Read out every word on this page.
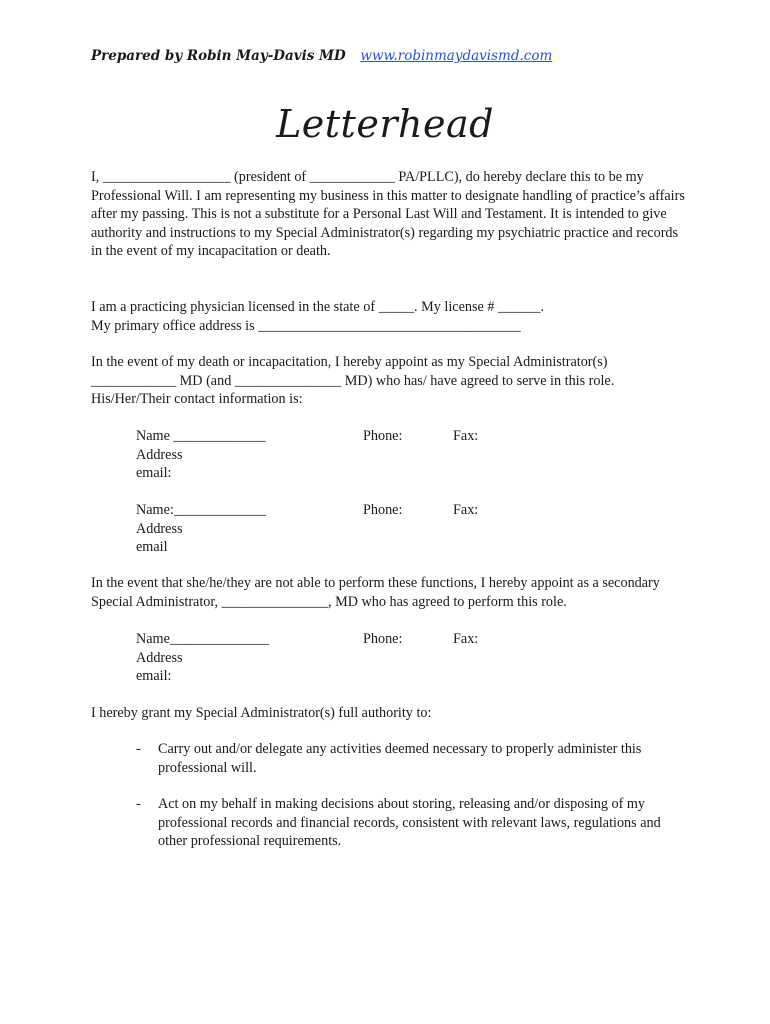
Prepared by Robin May-Davis MD www.robinmaydavismd.com
Letterhead

I, __________________ (president of ____________ PA/PLLC), do hereby declare this to be my Professional Will. I am representing my business in this matter to designate handling of practice’s affairs after my passing. This is not a substitute for a Personal Last Will and Testament. It is intended to give authority and instructions to my Special Administrator(s) regarding my psychiatric practice and records in the event of my incapacitation or death.

I am a practicing physician licensed in the state of _____. My license # ______.

My primary office address is _____________________________________

In the event of my death or incapacitation, I hereby appoint as my Special Administrator(s) ____________ MD (and _______________ MD) who has/ have agreed to serve in this role. His/Her/Their contact information is:

Name _____________	Phone:	Fax:
Address
email:
Name:_____________	Phone:	Fax:
Address
email

In the event that she/he/they are not able to perform these functions, I hereby appoint as a secondary Special Administrator, _______________, MD who has agreed to perform this role.

Name______________	Phone:	Fax:
Address
email:

I hereby grant my Special Administrator(s) full authority to:

- Carry out and/or delegate any activities deemed necessary to properly administer this professional will.
- Act on my behalf in making decisions about storing, releasing and/or disposing of my professional records and financial records, consistent with relevant laws, regulations and other professional requirements.
